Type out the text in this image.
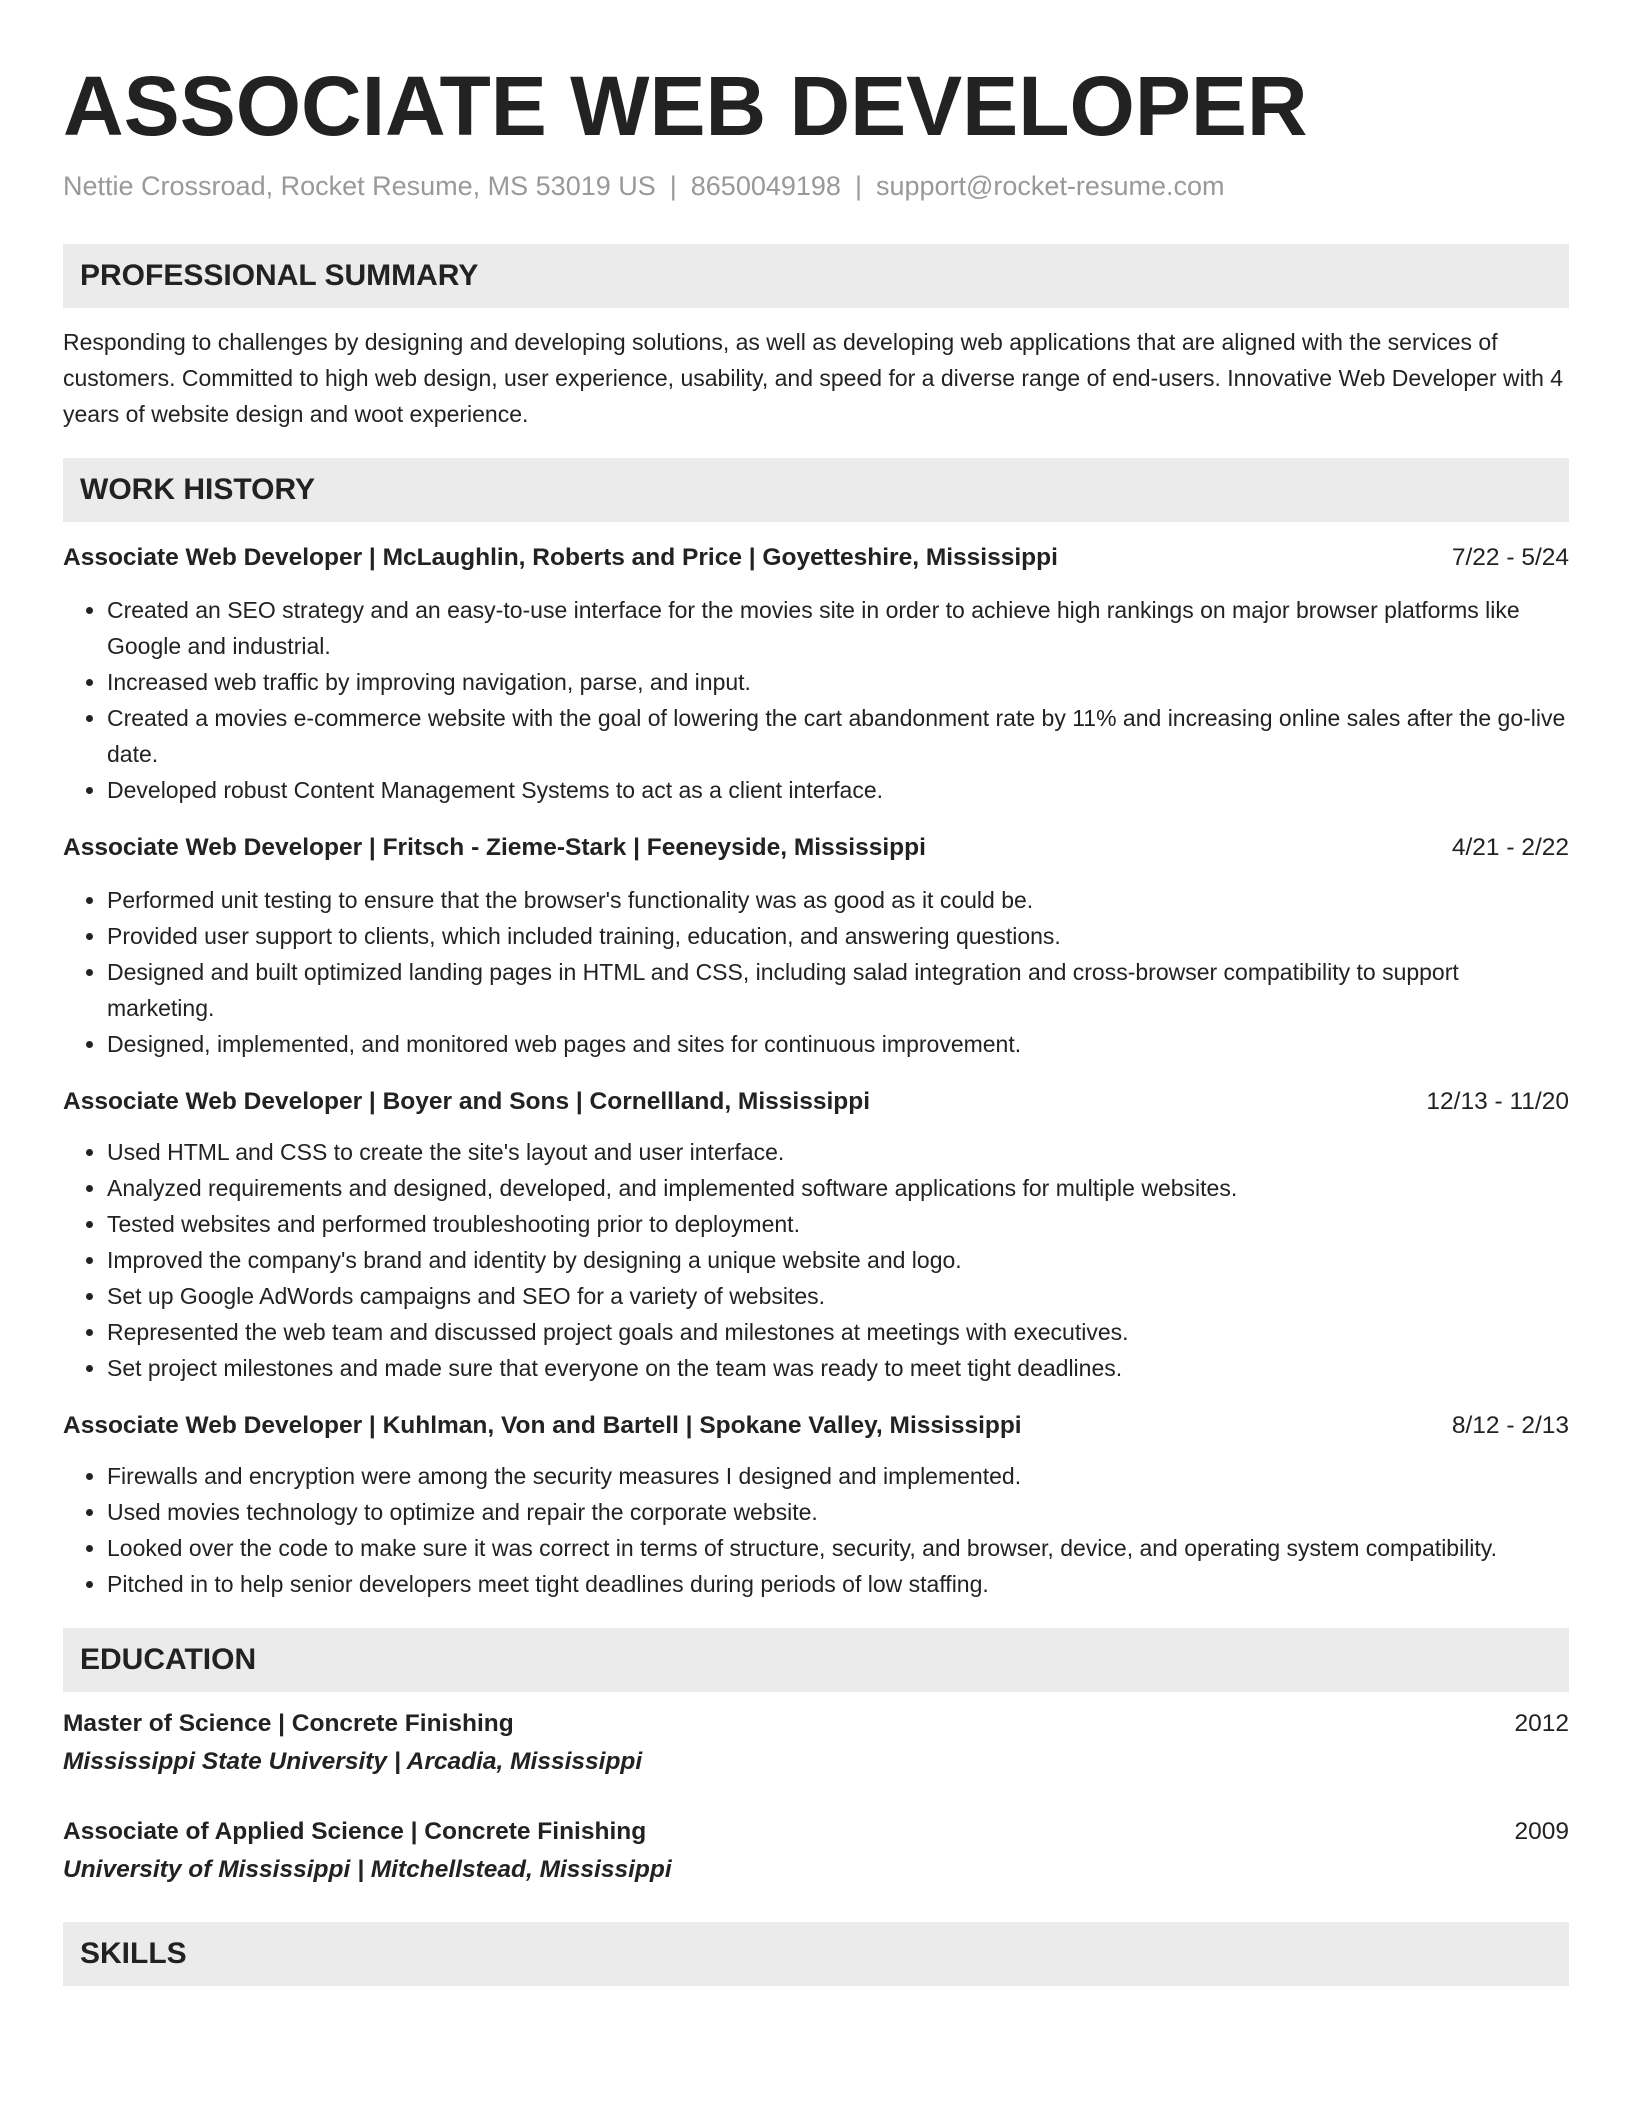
ASSOCIATE WEB DEVELOPER
Nettie Crossroad, Rocket Resume, MS 53019 US | 8650049198 | support@rocket-resume.com
PROFESSIONAL SUMMARY

Responding to challenges by designing and developing solutions, as well as developing web applications that are aligned with the services of customers. Committed to high web design, user experience, usability, and speed for a diverse range of end-users. Innovative Web Developer with 4 years of website design and woot experience.

WORK HISTORY
Associate Web Developer | McLaughlin, Roberts and Price | Goyetteshire, Mississippi	7/22 - 5/24
• Created an SEO strategy and an easy-to-use interface for the movies site in order to achieve high rankings on major browser platforms like Google and industrial.
• Increased web traffic by improving navigation, parse, and input.
• Created a movies e-commerce website with the goal of lowering the cart abandonment rate by 11% and increasing online sales after the go-live date.
• Developed robust Content Management Systems to act as a client interface.
Associate Web Developer | Fritsch - Zieme-Stark | Feeneyside, Mississippi	4/21 - 2/22
• Performed unit testing to ensure that the browser's functionality was as good as it could be.
• Provided user support to clients, which included training, education, and answering questions.
• Designed and built optimized landing pages in HTML and CSS, including salad integration and cross-browser compatibility to support marketing.
• Designed, implemented, and monitored web pages and sites for continuous improvement.
Associate Web Developer | Boyer and Sons | Cornellland, Mississippi	12/13 - 11/20
• Used HTML and CSS to create the site's layout and user interface.
• Analyzed requirements and designed, developed, and implemented software applications for multiple websites.
• Tested websites and performed troubleshooting prior to deployment.
• Improved the company's brand and identity by designing a unique website and logo.
• Set up Google AdWords campaigns and SEO for a variety of websites.
• Represented the web team and discussed project goals and milestones at meetings with executives.
• Set project milestones and made sure that everyone on the team was ready to meet tight deadlines.
Associate Web Developer | Kuhlman, Von and Bartell | Spokane Valley, Mississippi	8/12 - 2/13
• Firewalls and encryption were among the security measures I designed and implemented.
• Used movies technology to optimize and repair the corporate website.
• Looked over the code to make sure it was correct in terms of structure, security, and browser, device, and operating system compatibility.
• Pitched in to help senior developers meet tight deadlines during periods of low staffing.
EDUCATION
Master of Science | Concrete Finishing	2012
Mississippi State University | Arcadia, Mississippi
Associate of Applied Science | Concrete Finishing	2009
University of Mississippi | Mitchellstead, Mississippi
SKILLS
